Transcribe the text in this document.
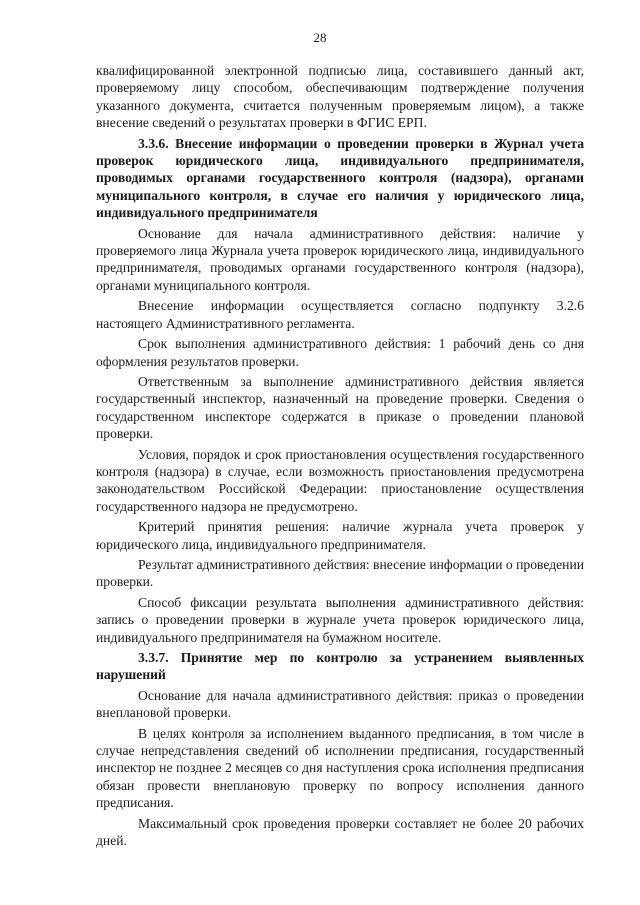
28

квалифицированной электронной подписью лица, составившего данный акт, проверяемому лицу способом, обеспечивающим подтверждение получения указанного документа, считается полученным проверяемым лицом), а также внесение сведений о результатах проверки в ФГИС ЕРП.

3.3.6. Внесение информации о проведении проверки в Журнал учета проверок юридического лица, индивидуального предпринимателя, проводимых органами государственного контроля (надзора), органами муниципального контроля, в случае его наличия у юридического лица, индивидуального предпринимателя

Основание для начала административного действия: наличие у проверяемого лица Журнала учета проверок юридического лица, индивидуального предпринимателя, проводимых органами государственного контроля (надзора), органами муниципального контроля.

Внесение информации осуществляется согласно подпункту 3.2.6 настоящего Административного регламента.

Срок выполнения административного действия: 1 рабочий день со дня оформления результатов проверки.

Ответственным за выполнение административного действия является государственный инспектор, назначенный на проведение проверки. Сведения о государственном инспекторе содержатся в приказе о проведении плановой проверки.

Условия, порядок и срок приостановления осуществления государственного контроля (надзора) в случае, если возможность приостановления предусмотрена законодательством Российской Федерации: приостановление осуществления государственного надзора не предусмотрено.

Критерий принятия решения: наличие журнала учета проверок у юридического лица, индивидуального предпринимателя.

Результат административного действия: внесение информации о проведении проверки.

Способ фиксации результата выполнения административного действия: запись о проведении проверки в журнале учета проверок юридического лица, индивидуального предпринимателя на бумажном носителе.

3.3.7. Принятие мер по контролю за устранением выявленных нарушений

Основание для начала административного действия: приказ о проведении внеплановой проверки.

В целях контроля за исполнением выданного предписания, в том числе в случае непредставления сведений об исполнении предписания, государственный инспектор не позднее 2 месяцев со дня наступления срока исполнения предписания обязан провести внеплановую проверку по вопросу исполнения данного предписания.

Максимальный срок проведения проверки составляет не более 20 рабочих дней.
